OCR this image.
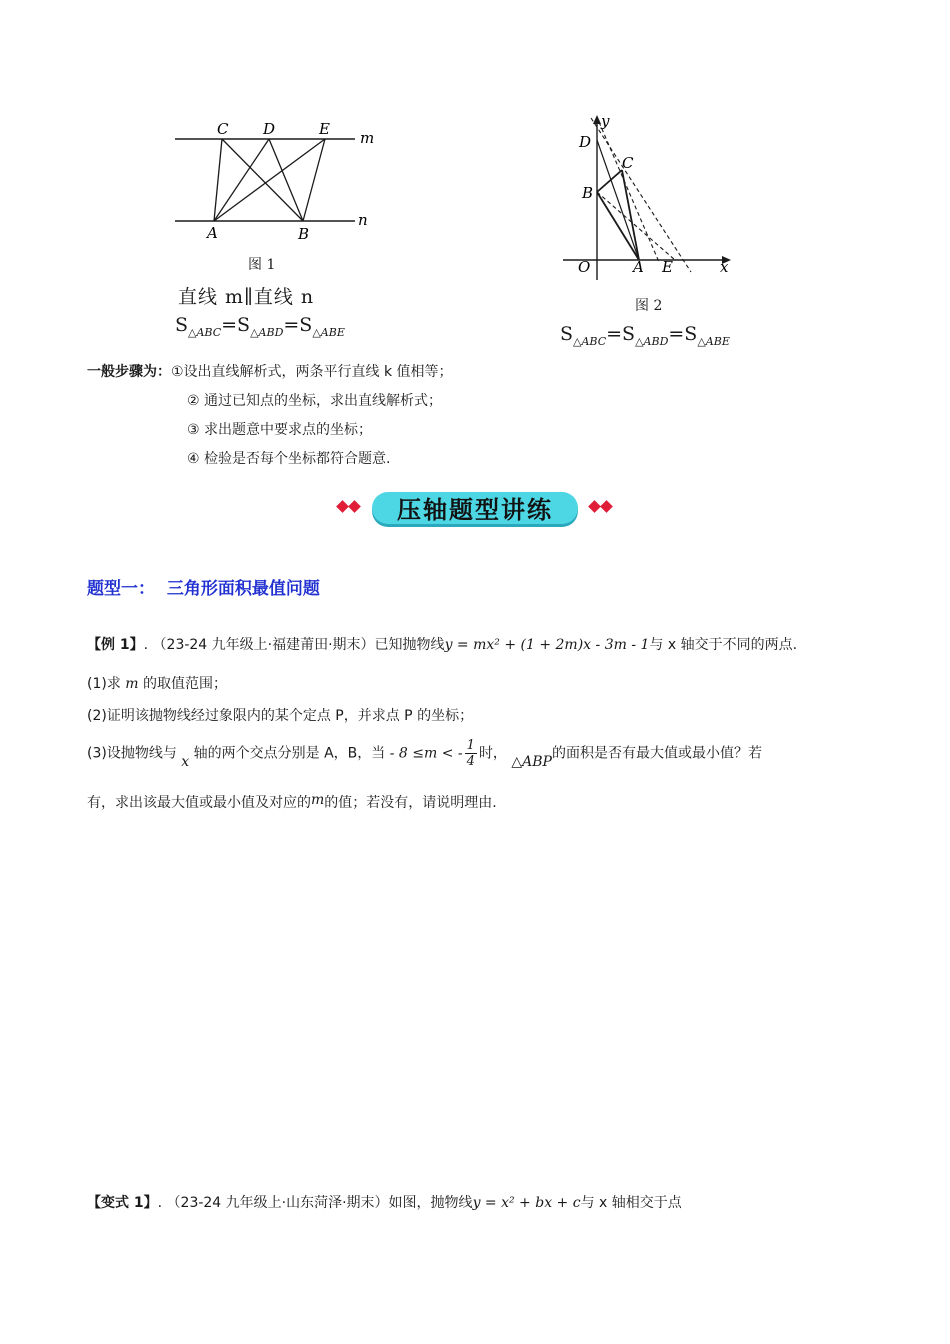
C D	E m
A	B
n
图 1
直线 m∥直线 n
$S_{\triangle ABC}=S_{\triangle ABD}=S_{\triangle ABE}$
y
D
C
B
O	A E	x
图 2
$S_{\triangle ABC}=S_{\triangle ABD}=S_{\triangle ABE}$
一般步骤为：①设出直线解析式，两条平行直线 k 值相等；
② 通过已知点的坐标，求出直线解析式；
③ 求出题意中要求点的坐标；
④ 检验是否每个坐标都符合题意.
压轴题型讲练
题型一：  三角形面积最值问题
【例 1】. （23-24 九年级上·福建莆田·期末）已知抛物线y = mx² + (1 + 2m)x - 3m - 1与 x 轴交于不同的两点.
(1)求 m 的取值范围；
(2)证明该抛物线经过象限内的某个定点 P，并求点 P 的坐标；
(3)设抛物线与 x 轴的两个交点分别是 A，B，当 - 8 ≤m < - $\frac{1}{4}$ 时， △ABP的面积是否有最大值或最小值？若
有，求出该最大值或最小值及对应的m的值；若没有，请说明理由.
【变式 1】. （23-24 九年级上·山东菏泽·期末）如图，抛物线y = x² + bx + c与 x 轴相交于点
